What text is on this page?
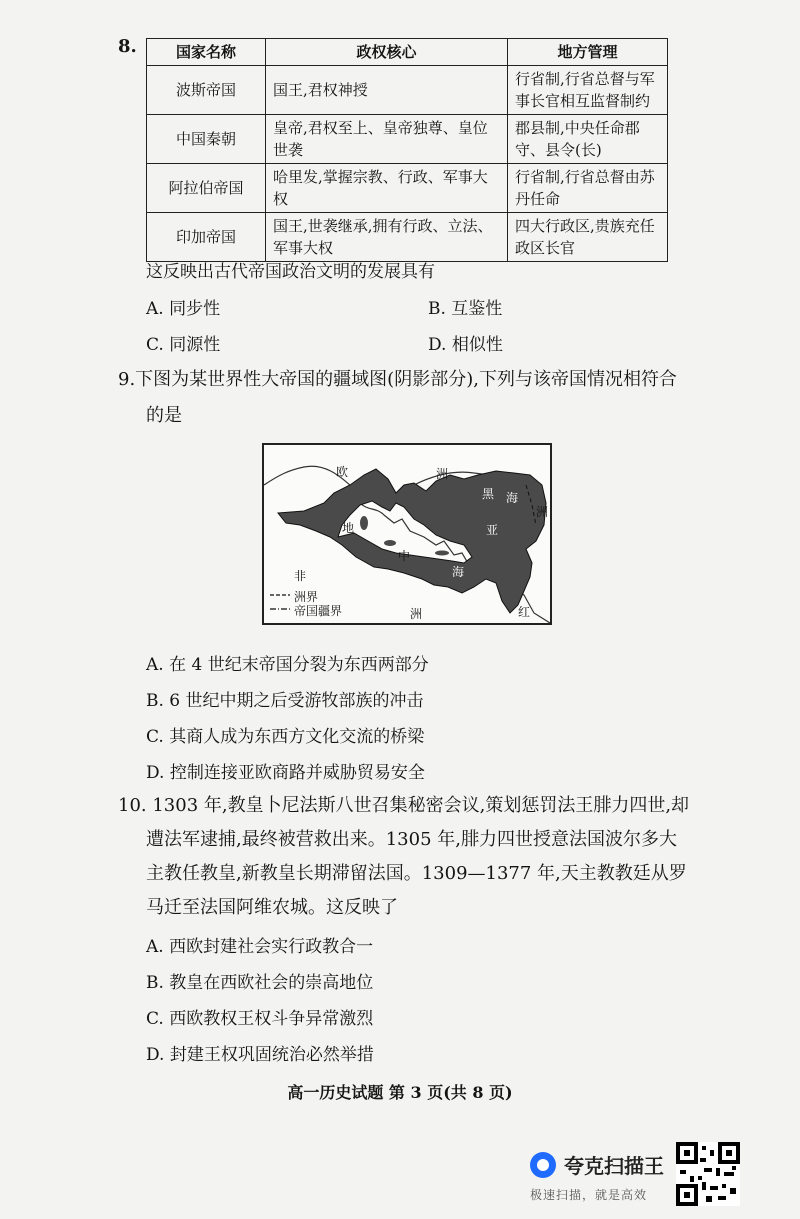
8.	国家名称	政权核心	地方管理
波斯帝国	国王,君权神授	行省制,行省总督与军事长官相互监督制约
中国秦朝	皇帝,君权至上、皇帝独尊、皇位世袭	郡县制,中央任命郡守、县令(长)
阿拉伯帝国	哈里发,掌握宗教、行政、军事大权	行省制,行省总督由苏丹任命
印加帝国	国王,世袭继承,拥有行政、立法、军事大权	四大行政区,贵族充任政区长官
这反映出古代帝国政治文明的发展具有
A. 同步性	B. 互鉴性
C. 同源性	D. 相似性
9.下图为某世界性大帝国的疆域图(阴影部分),下列与该帝国情况相符合
的是
洲界
帝国疆界
欧	洲
黑 海
亚
洲
地
中
海
非
洲	红
A. 在 4 世纪末帝国分裂为东西两部分
B. 6 世纪中期之后受游牧部族的冲击
C. 其商人成为东西方文化交流的桥梁
D. 控制连接亚欧商路并威胁贸易安全
10. 1303 年,教皇卜尼法斯八世召集秘密会议,策划惩罚法王腓力四世,却
遭法军逮捕,最终被营救出来。1305 年,腓力四世授意法国波尔多大
主教任教皇,新教皇长期滞留法国。1309—1377 年,天主教教廷从罗
马迁至法国阿维农城。这反映了
A. 西欧封建社会实行政教合一
B. 教皇在西欧社会的崇高地位
C. 西欧教权王权斗争异常激烈
D. 封建王权巩固统治必然举措
高一历史试题 第 3 页(共 8 页)
夸克扫描王
极速扫描，就是高效
